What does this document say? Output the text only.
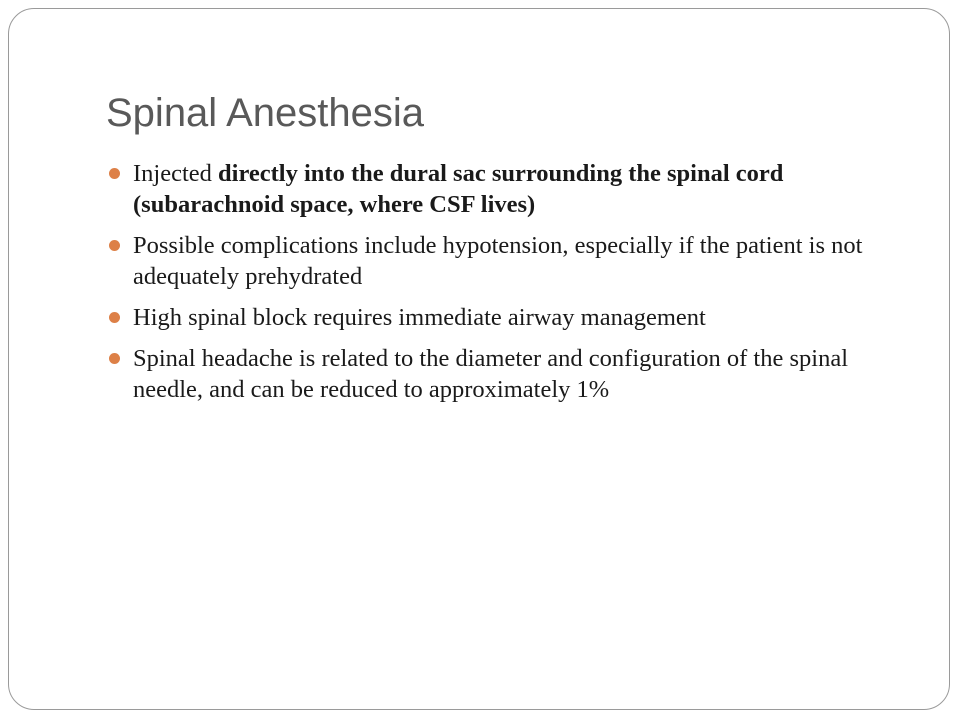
Spinal Anesthesia
Injected directly into the dural sac surrounding the spinal cord (subarachnoid space, where CSF lives)
Possible complications include hypotension, especially if the patient is not adequately prehydrated
High spinal block requires immediate airway management
Spinal headache is related to the diameter and configuration of the spinal needle, and can be reduced to approximately 1%
